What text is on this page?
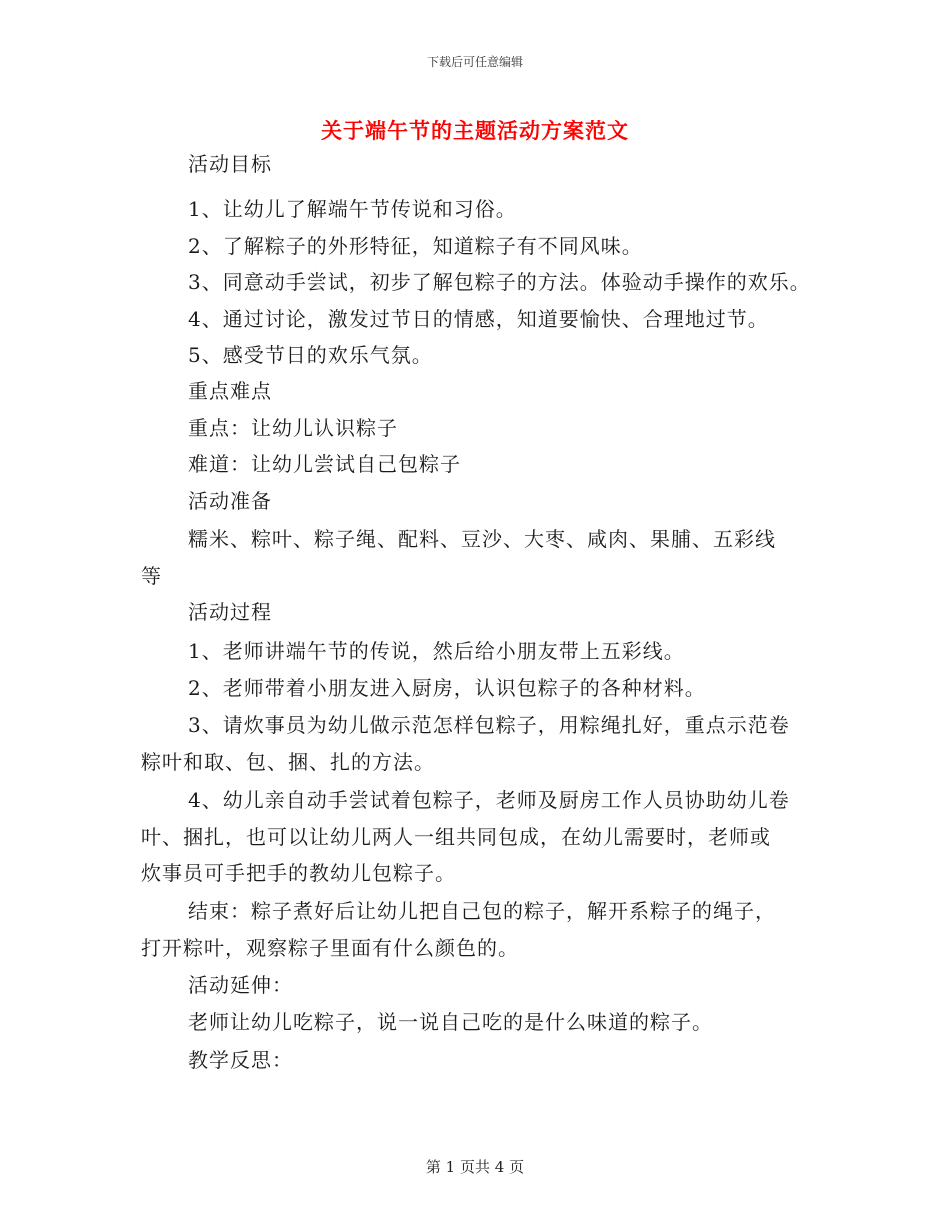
下载后可任意编辑
关于端午节的主题活动方案范文
活动目标
1、让幼儿了解端午节传说和习俗。
2、了解粽子的外形特征，知道粽子有不同风味。
3、同意动手尝试，初步了解包粽子的方法。体验动手操作的欢乐。
4、通过讨论，激发过节日的情感，知道要愉快、合理地过节。
5、感受节日的欢乐气氛。
重点难点
重点：让幼儿认识粽子
难道：让幼儿尝试自己包粽子
活动准备
糯米、粽叶、粽子绳、配料、豆沙、大枣、咸肉、果脯、五彩线
等
活动过程
1、老师讲端午节的传说，然后给小朋友带上五彩线。
2、老师带着小朋友进入厨房，认识包粽子的各种材料。
3、请炊事员为幼儿做示范怎样包粽子，用粽绳扎好，重点示范卷
粽叶和取、包、捆、扎的方法。
4、幼儿亲自动手尝试着包粽子，老师及厨房工作人员协助幼儿卷
叶、捆扎，也可以让幼儿两人一组共同包成，在幼儿需要时，老师或
炊事员可手把手的教幼儿包粽子。
结束：粽子煮好后让幼儿把自己包的粽子，解开系粽子的绳子，
打开粽叶，观察粽子里面有什么颜色的。
活动延伸：
老师让幼儿吃粽子，说一说自己吃的是什么味道的粽子。
教学反思：
第 1 页共 4 页
